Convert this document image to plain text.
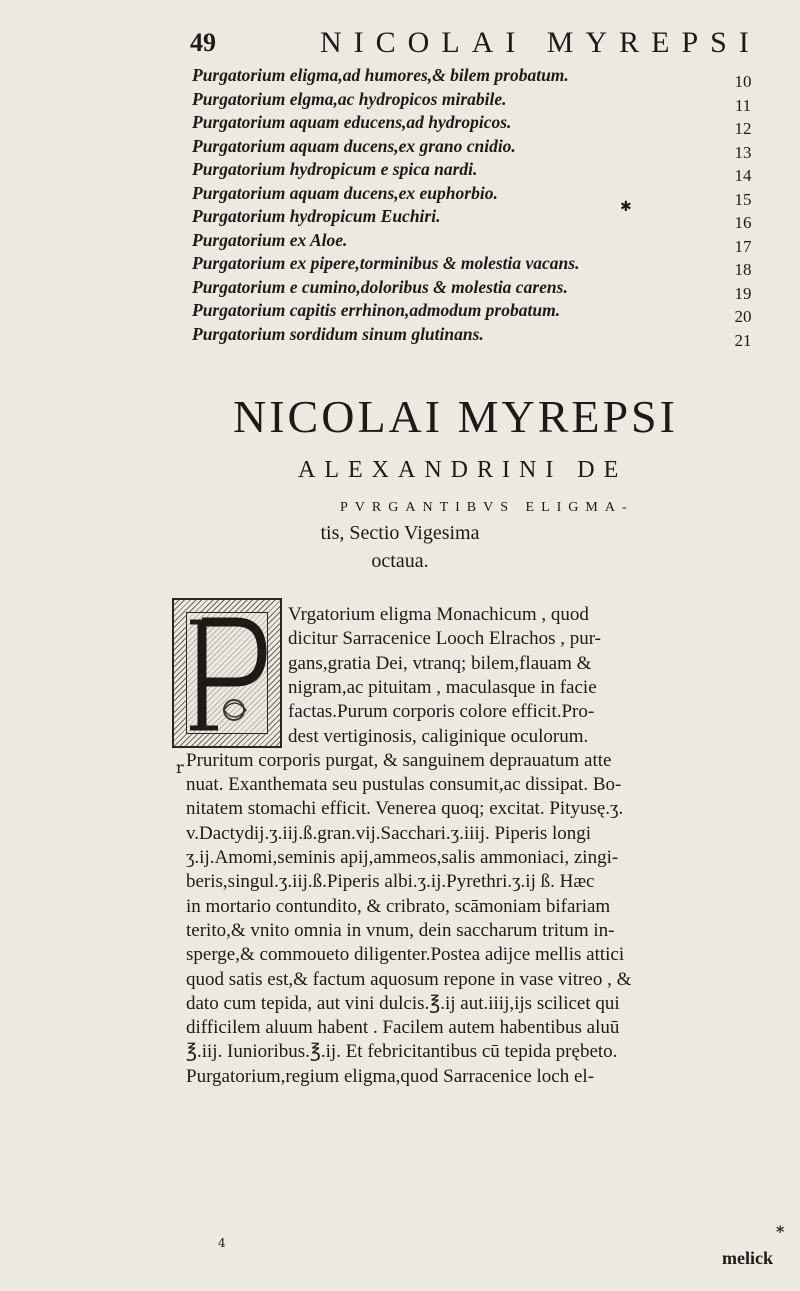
49	NICOLAI MYREPSI
Purgatorium eligma,ad humores,& bilem probatum.	10
Purgatorium elgma,ac hydropicos mirabile.	11
Purgatorium aquam educens,ad hydropicos.	12
Purgatorium aquam ducens,ex grano cnidio.	13
Purgatorium hydropicum e spica nardi.	14
Purgatorium aquam ducens,ex euphorbio.	15
Purgatorium hydropicum Euchiri.	16
Purgatorium ex Aloe.	17
Purgatorium ex pipere,torminibus & molestia vacans.	18
Purgatorium e cumino,doloribus & molestia carens.	19
Purgatorium capitis errhinon,admodum probatum.	20
Purgatorium sordidum sinum glutinans.	21
✱
NICOLAI MYREPSI
ALEXANDRINI DE
PVRGANTIBVS ELIGMA-
tis, Sectio Vigesima
octaua.
Vrgatorium eligma Monachicum , quod
dicitur Sarracenice Looch Elrachos , pur-
gans,gratia Dei, vtranq; bilem,flauam &
nigram,ac pituitam , maculasque in facie
factas.Purum corporis colore efficit.Pro-
dest vertiginosis, caliginique oculorum.
Pruritum corporis purgat, & sanguinem deprauatum atte
nuat. Exanthemata seu pustulas consumit,ac dissipat. Bo-
nitatem stomachi efficit. Venerea quoq; excitat. Pityusę.ʒ.
v.Dactydij.ʒ.iij.ß.gran.vij.Sacchari.ʒ.iiij. Piperis longi
ʒ.ij.Amomi,seminis apij,ammeos,salis ammoniaci, zingi-
beris,singul.ʒ.iij.ß.Piperis albi.ʒ.ij.Pyrethri.ʒ.ij ß. Hæc
in mortario contundito, & cribrato, scāmoniam bifariam
terito,& vnito omnia in vnum, dein saccharum tritum in-
sperge,& commoueto diligenter.Postea adijce mellis attici
quod satis est,& factum aquosum repone in vase vitreo , &
dato cum tepida, aut vini dulcis.℥.ij aut.iiij,ijs scilicet qui
difficilem aluum habent . Facilem autem habentibus aluū
℥.iij. Iunioribus.℥.ij. Et febricitantibus cū tepida prębeto.
Purgatorium,regium eligma,quod Sarracenice loch el-
r
4
*
melick
